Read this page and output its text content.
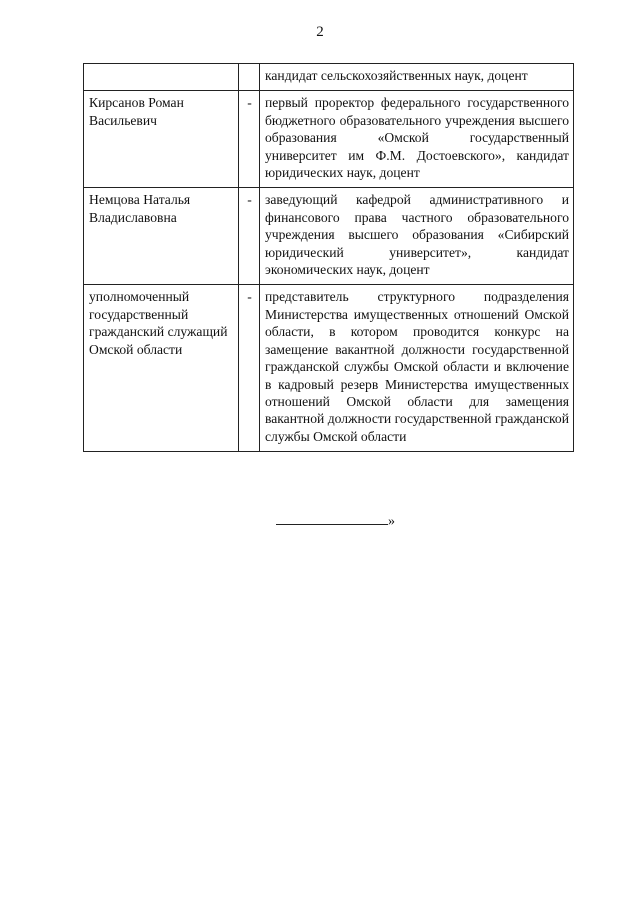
2
		кандидат сельскохозяйственных наук, доцент
Кирсанов Роман Васильевич	-	первый проректор федерального государственного бюджетного образовательного учреждения высшего образования «Омской государственный университет им Ф.М. Достоевского», кандидат юридических наук, доцент
Немцова Наталья Владиславовна	-	заведующий кафедрой административного и финансового права частного образовательного учреждения высшего образования «Сибирский юридический университет», кандидат экономических наук, доцент
уполномоченный государственный гражданский служащий Омской области	-	представитель структурного подразделения Министерства имущественных отношений Омской области, в котором проводится конкурс на замещение вакантной должности государственной гражданской службы Омской области и включение в кадровый резерв Министерства имущественных отношений Омской области для замещения вакантной должности государственной гражданской службы Омской области
»
